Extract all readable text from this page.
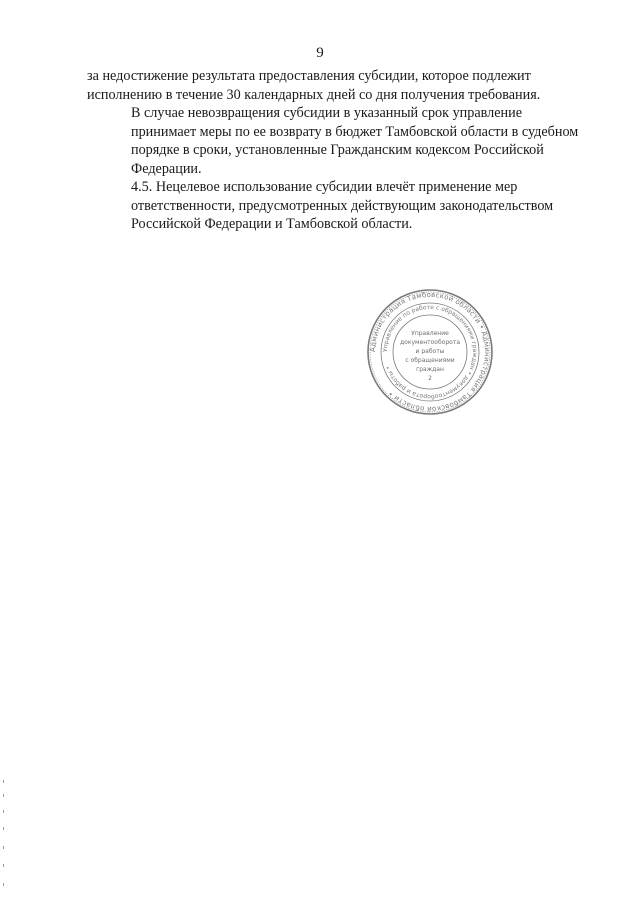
9

за недостижение результата предоставления субсидии, которое подлежит
исполнению в течение 30 календарных дней со дня получения требования.

В случае невозвращения субсидии в указанный срок управление
принимает меры по ее возврату в бюджет Тамбовской области в судебном
порядке в сроки, установленные Гражданским кодексом Российской
Федерации.

4.5. Нецелевое использование субсидии влечёт применение мер
ответственности, предусмотренных действующим законодательством
Российской Федерации и Тамбовской области.

Администрация Тамбовской области • Администрация Тамбовской области •
Управление по работе с обращениями граждан • документооборота и работы •
Управление
документооборота
и работы
с обращениями
граждан
2
